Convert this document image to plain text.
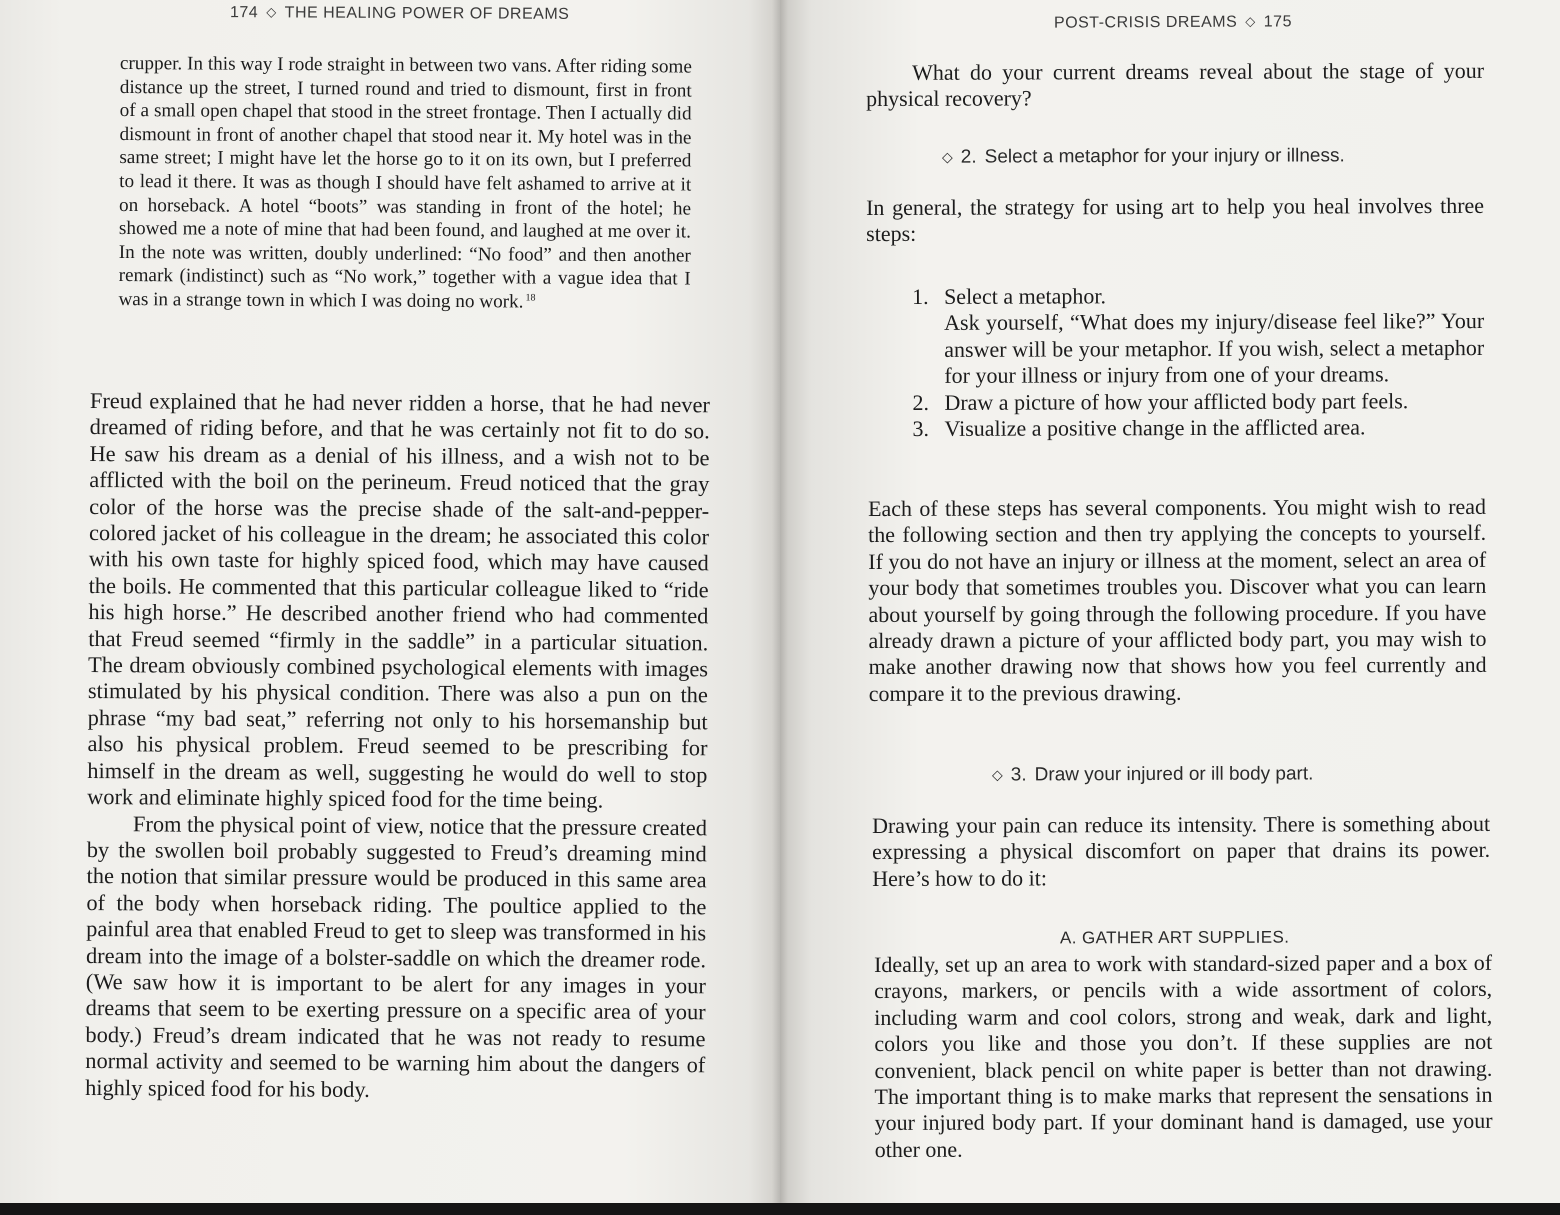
174 ◇ THE HEALING POWER OF DREAMS

crupper. In this way I rode straight in between two vans. After riding some distance up the street, I turned round and tried to dismount, first in front of a small open chapel that stood in the street frontage. Then I actually did dismount in front of another chapel that stood near it. My hotel was in the same street; I might have let the horse go to it on its own, but I preferred to lead it there. It was as though I should have felt ashamed to arrive at it on horseback. A hotel “boots” was standing in front of the hotel; he showed me a note of mine that had been found, and laughed at me over it. In the note was written, doubly underlined: “No food” and then another remark (indistinct) such as “No work,” together with a vague idea that I was in a strange town in which I was doing no work. $^{18}$

Freud explained that he had never ridden a horse, that he had never dreamed of riding before, and that he was certainly not fit to do so. He saw his dream as a denial of his illness, and a wish not to be afflicted with the boil on the perineum. Freud noticed that the gray color of the horse was the precise shade of the salt-and-pepper-colored jacket of his colleague in the dream; he associated this color with his own taste for highly spiced food, which may have caused the boils. He commented that this particular colleague liked to “ride his high horse.” He described another friend who had commented that Freud seemed “firmly in the saddle” in a particular situation. The dream obviously combined psychological elements with images stimulated by his physical condition. There was also a pun on the phrase “my bad seat,” referring not only to his horsemanship but also his physical problem. Freud seemed to be prescribing for himself in the dream as well, suggesting he would do well to stop work and eliminate highly spiced food for the time being.

From the physical point of view, notice that the pressure created by the swollen boil probably suggested to Freud’s dreaming mind the notion that similar pressure would be produced in this same area of the body when horseback riding. The poultice applied to the painful area that enabled Freud to get to sleep was transformed in his dream into the image of a bolster-saddle on which the dreamer rode. (We saw how it is important to be alert for any images in your dreams that seem to be exerting pressure on a specific area of your body.) Freud’s dream indicated that he was not ready to resume normal activity and seemed to be warning him about the dangers of highly spiced food for his body.

POST-CRISIS DREAMS ◇ 175
What do your current dreams reveal about the stage of your physical recovery?
◇ 2. Select a metaphor for your injury or illness.
In general, the strategy for using art to help you heal involves three steps:
1. Select a metaphor.
Ask yourself, “What does my injury/disease feel like?” Your answer will be your metaphor. If you wish, select a metaphor for your illness or injury from one of your dreams.
2. Draw a picture of how your afflicted body part feels.
3. Visualize a positive change in the afflicted area.
Each of these steps has several components. You might wish to read the following section and then try applying the concepts to yourself. If you do not have an injury or illness at the moment, select an area of your body that sometimes troubles you. Discover what you can learn about yourself by going through the following procedure. If you have already drawn a picture of your afflicted body part, you may wish to make another drawing now that shows how you feel currently and compare it to the previous drawing.
◇ 3. Draw your injured or ill body part.
Drawing your pain can reduce its intensity. There is something about expressing a physical discomfort on paper that drains its power. Here’s how to do it:
A. GATHER ART SUPPLIES.
Ideally, set up an area to work with standard-sized paper and a box of crayons, markers, or pencils with a wide assortment of colors, including warm and cool colors, strong and weak, dark and light, colors you like and those you don’t. If these supplies are not convenient, black pencil on white paper is better than not drawing. The important thing is to make marks that represent the sensations in your injured body part. If your dominant hand is damaged, use your other one.
